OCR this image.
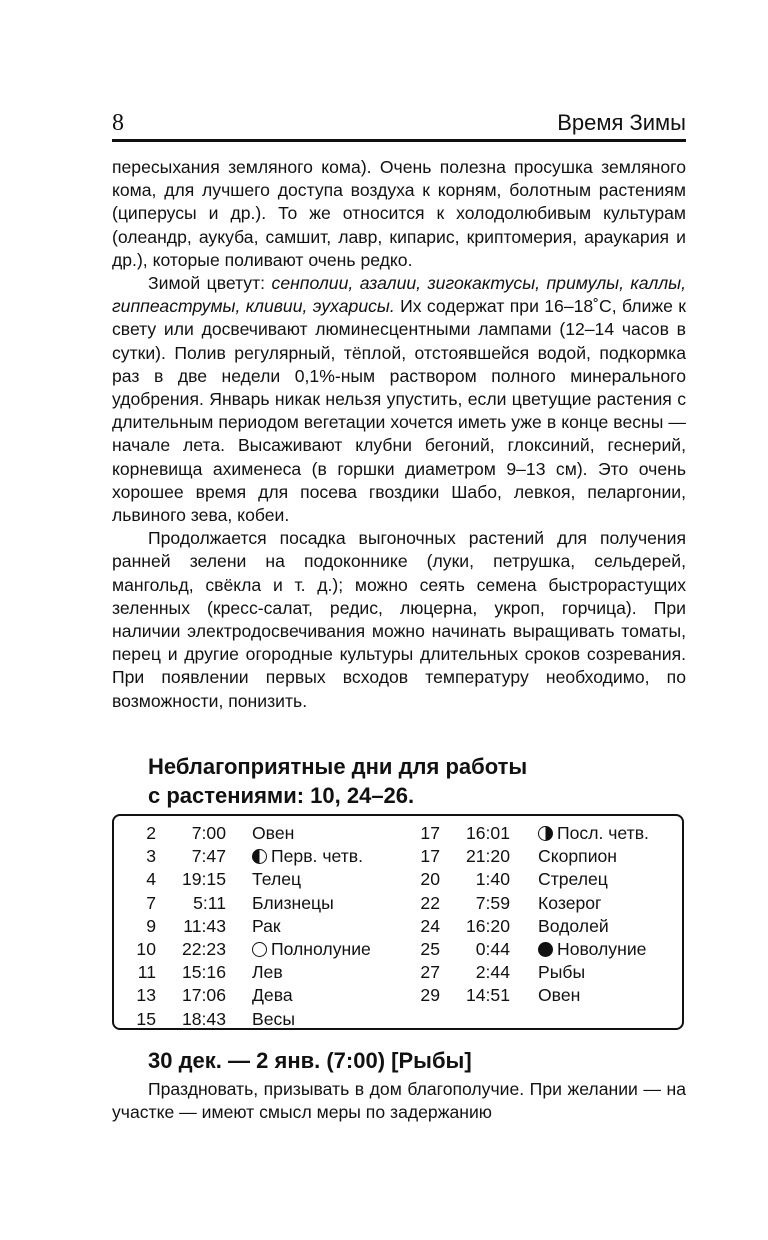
8	Время Зимы

пересыхания земляного кома). Очень полезна просушка земляного кома, для лучшего доступа воздуха к корням, болотным растениям (циперусы и др.). То же относится к холодолюбивым культурам (олеандр, аукуба, самшит, лавр, кипарис, криптомерия, араукария и др.), которые поливают очень редко.

Зимой цветут: сенполии, азалии, зигокактусы, примулы, каллы, гиппеаструмы, кливии, эухарисы. Их содержат при 16–18˚С, ближе к свету или досвечивают люминесцентными лампами (12–14 часов в сутки). Полив регулярный, тёплой, отстоявшейся водой, подкормка раз в две недели 0,1%-ным раствором полного минерального удобрения. Январь никак нельзя упустить, если цветущие растения с длительным периодом вегетации хочется иметь уже в конце весны — начале лета. Высаживают клубни бегоний, глоксиний, геснерий, корневища ахименеса (в горшки диаметром 9–13 см). Это очень хорошее время для посева гвоздики Шабо, левкоя, пеларгонии, львиного зева, кобеи.

Продолжается посадка выгоночных растений для получения ранней зелени на подоконнике (луки, петрушка, сельдерей, мангольд, свёкла и т. д.); можно сеять семена быстрорастущих зеленных (кресс-салат, редис, люцерна, укроп, горчица). При наличии электродосвечивания можно начинать выращивать томаты, перец и другие огородные культуры длительных сроков созревания. При появлении первых всходов температуру необходимо, по возможности, понизить.

Неблагоприятные дни для работы
с растениями: 10, 24–26.
2	7:00 Овен
3	7:47	Перв. четв.
4	19:15 Телец
7	5:11 Близнецы
9	11:43 Рак
10	22:23	Полнолуние
11	15:16 Лев
13	17:06 Дева
15	18:43 Весы
17	16:01	Посл. четв.
17	21:20 Скорпион
20	1:40 Стрелец
22	7:59 Козерог
24	16:20 Водолей
25	0:44	Новолуние
27	2:44 Рыбы
29	14:51 Овен
30 дек. — 2 янв. (7:00) [Рыбы]

Праздновать, призывать в дом благополучие. При желании — на участке — имеют смысл меры по задержанию
